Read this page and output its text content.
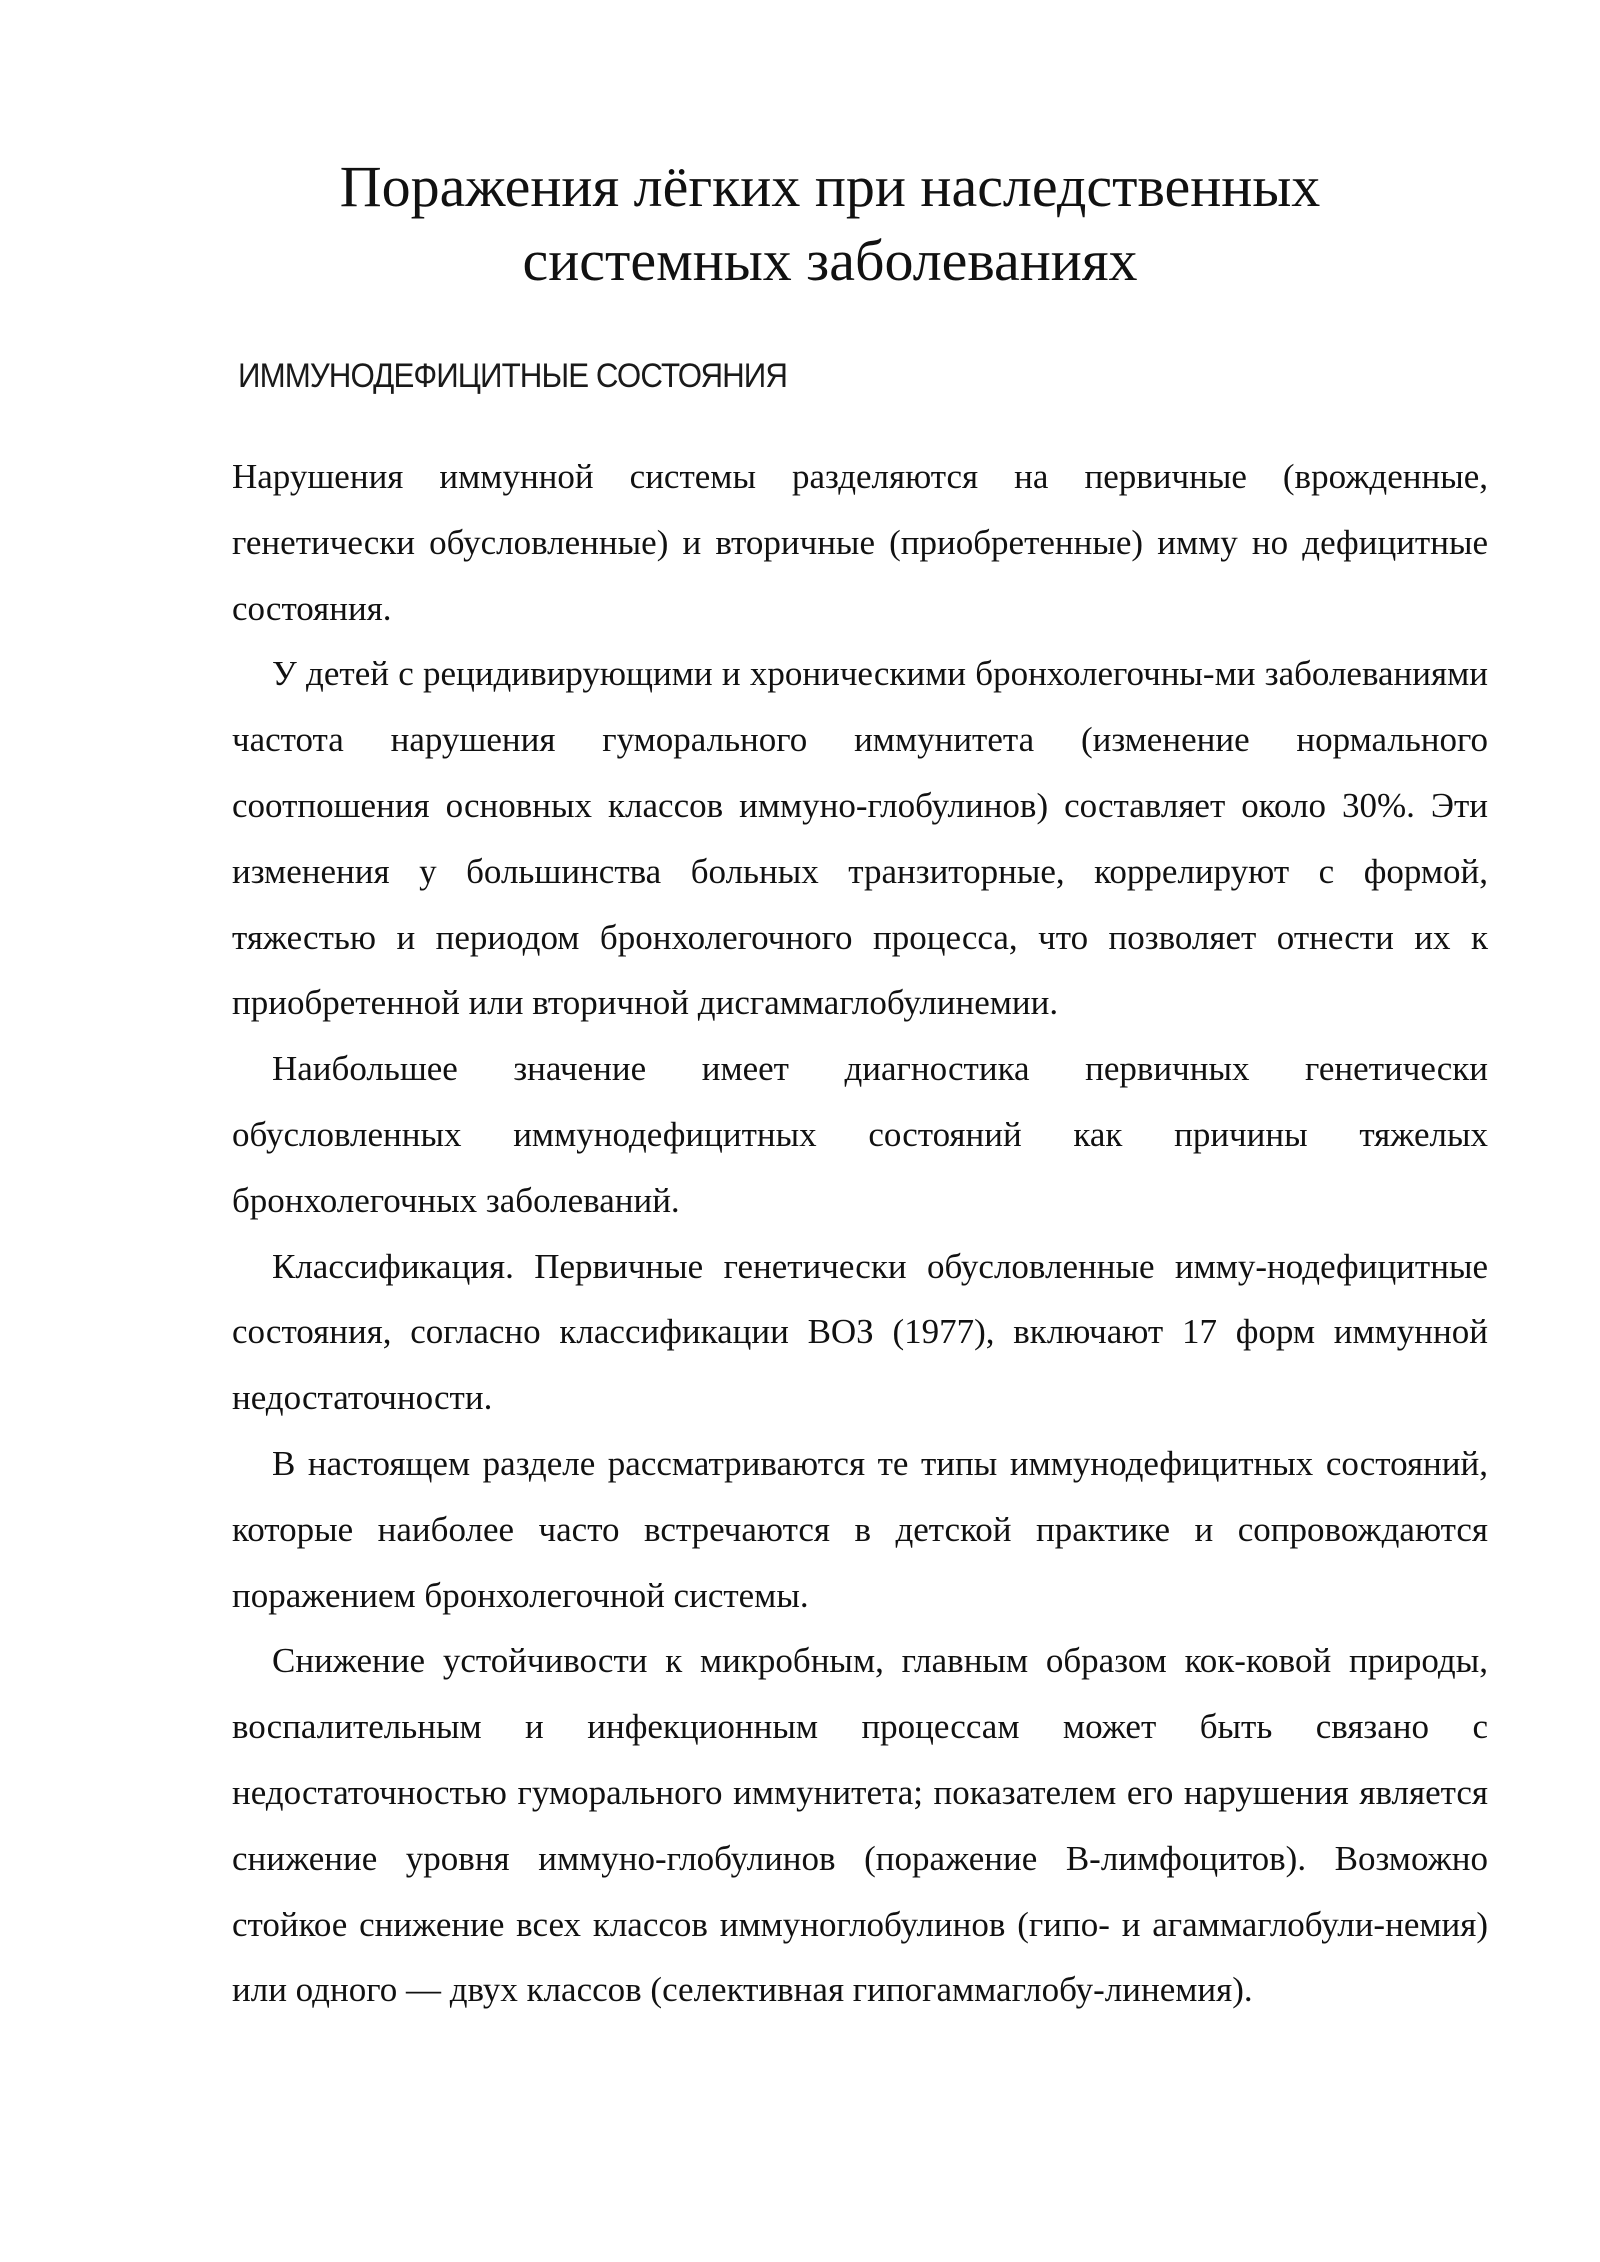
Поражения лёгких при наследственных
системных заболеваниях
ИММУНОДЕФИЦИТНЫЕ СОСТОЯНИЯ

Нарушения иммунной системы разделяются на первичные (врожденные, генетически обусловленные) и вторичные (приобретенные) имму но дефицитные состояния.

У детей с рецидивирующими и хроническими бронхолегочны-ми заболеваниями частота нарушения гуморального иммунитета (изменение нормального соотпошения основных классов иммуно-глобулинов) составляет около 30%. Эти изменения у большинства больных транзиторные, коррелируют с формой, тяжестью и периодом бронхолегочного процесса, что позволяет отнести их к приобретенной или вторичной дисгаммаглобулинемии.

Наибольшее значение имеет диагностика первичных генетически обусловленных иммунодефицитных состояний как причины тяжелых бронхолегочных заболеваний.

Классификация. Первичные генетически обусловленные имму-нодефицитные состояния, согласно классификации ВОЗ (1977), включают 17 форм иммунной недостаточности.

В настоящем разделе рассматриваются те типы иммунодефицитных состояний, которые наиболее часто встречаются в детской практике и сопровождаются поражением бронхолегочной системы.

Снижение устойчивости к микробным, главным образом кок-ковой природы, воспалительным и инфекционным процессам может быть связано с недостаточностью гуморального иммунитета; показателем его нарушения является снижение уровня иммуно-глобулинов (поражение В-лимфоцитов). Возможно стойкое снижение всех классов иммуноглобулинов (гипо- и агаммаглобули-немия) или одного — двух классов (селективная гипогаммаглобу-линемия).
